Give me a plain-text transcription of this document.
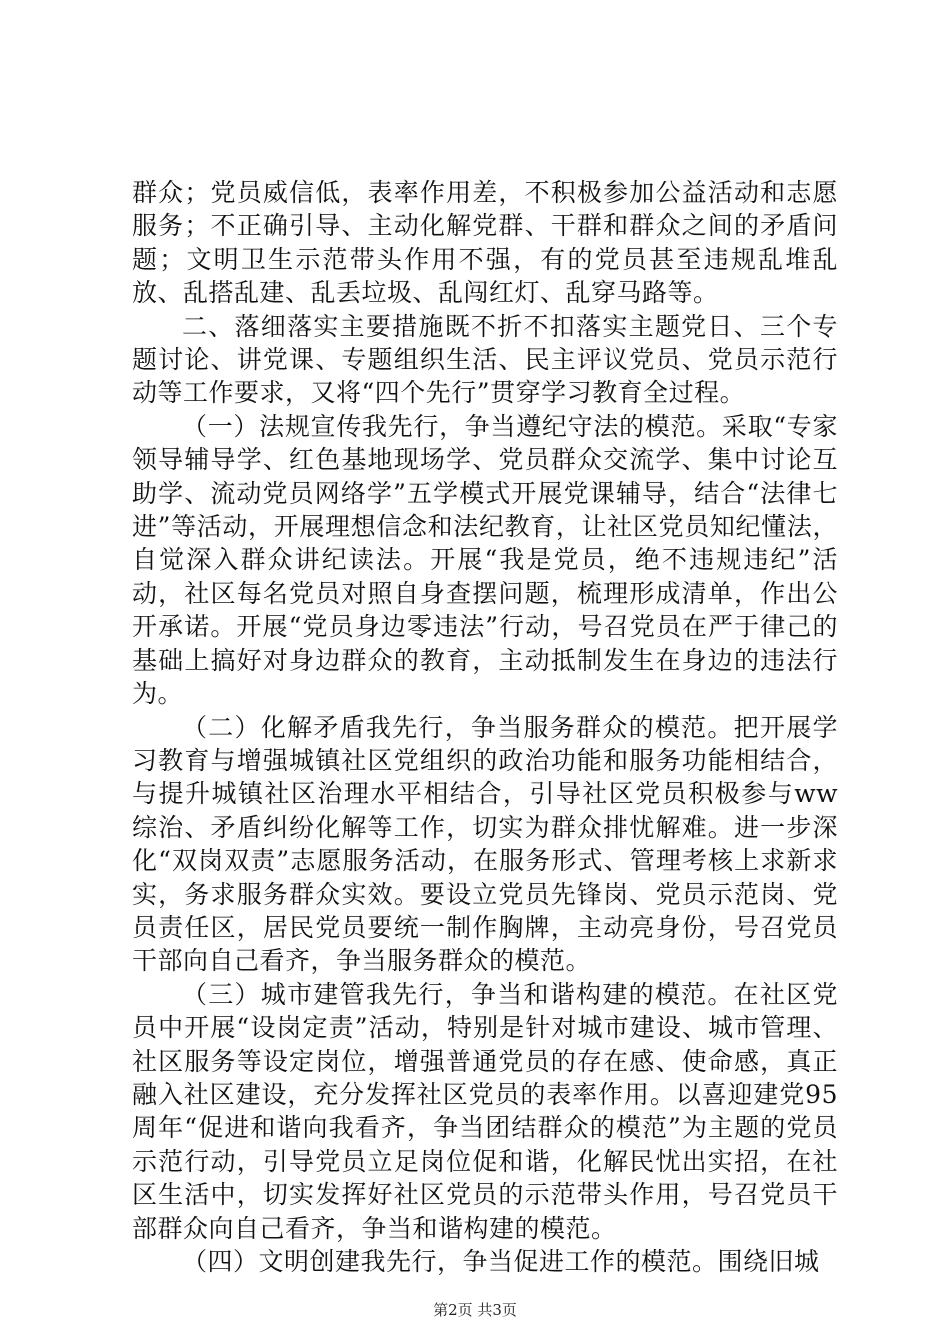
群众；党员威信低，表率作用差，不积极参加公益活动和志愿服务；不正确引导、主动化解党群、干群和群众之间的矛盾问题；文明卫生示范带头作用不强，有的党员甚至违规乱堆乱放、乱搭乱建、乱丢垃圾、乱闯红灯、乱穿马路等。

二、落细落实主要措施既不折不扣落实主题党日、三个专题讨论、讲党课、专题组织生活、民主评议党员、党员示范行动等工作要求，又将“四个先行”贯穿学习教育全过程。

（一）法规宣传我先行，争当遵纪守法的模范。采取“专家领导辅导学、红色基地现场学、党员群众交流学、集中讨论互助学、流动党员网络学”五学模式开展党课辅导，结合“法律七进”等活动，开展理想信念和法纪教育，让社区党员知纪懂法，自觉深入群众讲纪读法。开展“我是党员，绝不违规违纪”活动，社区每名党员对照自身查摆问题，梳理形成清单，作出公开承诺。开展“党员身边零违法”行动，号召党员在严于律己的基础上搞好对身边群众的教育，主动抵制发生在身边的违法行为。

（二）化解矛盾我先行，争当服务群众的模范。把开展学习教育与增强城镇社区党组织的政治功能和服务功能相结合，与提升城镇社区治理水平相结合，引导社区党员积极参与ww综治、矛盾纠纷化解等工作，切实为群众排忧解难。进一步深化“双岗双责”志愿服务活动，在服务形式、管理考核上求新求实，务求服务群众实效。要设立党员先锋岗、党员示范岗、党员责任区，居民党员要统一制作胸牌，主动亮身份，号召党员干部向自己看齐，争当服务群众的模范。

（三）城市建管我先行，争当和谐构建的模范。在社区党员中开展“设岗定责”活动，特别是针对城市建设、城市管理、社区服务等设定岗位，增强普通党员的存在感、使命感，真正融入社区建设，充分发挥社区党员的表率作用。以喜迎建党95周年“促进和谐向我看齐，争当团结群众的模范”为主题的党员示范行动，引导党员立足岗位促和谐，化解民忧出实招，在社区生活中，切实发挥好社区党员的示范带头作用，号召党员干部群众向自己看齐，争当和谐构建的模范。

（四）文明创建我先行，争当促进工作的模范。围绕旧城

第2页 共3页
